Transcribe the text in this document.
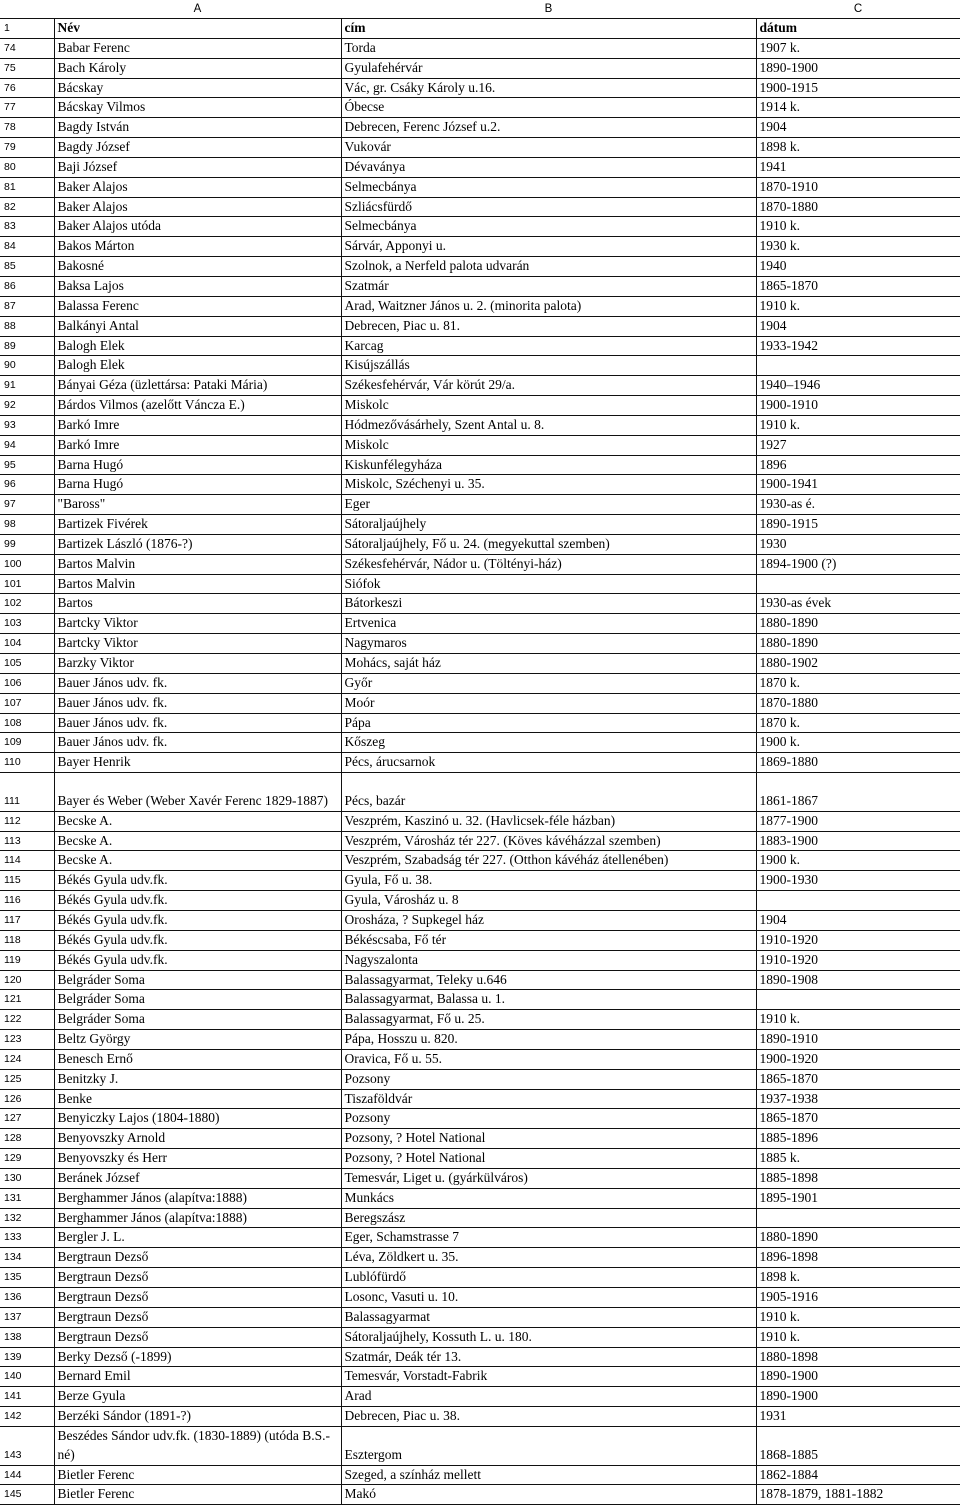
	A	B	C
1	Név	cím	dátum
74	Babar Ferenc	Torda	1907 k.
75	Bach Károly	Gyulafehérvár	1890-1900
76	Bácskay	Vác, gr. Csáky Károly u.16.	1900-1915
77	Bácskay Vilmos	Óbecse	1914 k.
78	Bagdy István	Debrecen, Ferenc József u.2.	1904
79	Bagdy József	Vukovár	1898 k.
80	Baji József	Dévaványa	1941
81	Baker Alajos	Selmecbánya	1870-1910
82	Baker Alajos	Szliácsfürdő	1870-1880
83	Baker Alajos utóda	Selmecbánya	1910 k.
84	Bakos Márton	Sárvár, Apponyi u.	1930 k.
85	Bakosné	Szolnok, a Nerfeld palota udvarán	1940
86	Baksa Lajos	Szatmár	1865-1870
87	Balassa Ferenc	Arad, Waitzner János u. 2. (minorita palota)	1910 k.
88	Balkányi Antal	Debrecen, Piac u. 81.	1904
89	Balogh Elek	Karcag	1933-1942
90	Balogh Elek	Kisújszállás	
91	Bányai Géza (üzlettársa: Pataki Mária)	Székesfehérvár, Vár körút 29/a.	1940–1946
92	Bárdos Vilmos (azelőtt Váncza E.)	Miskolc	1900-1910
93	Barkó Imre	Hódmezővásárhely, Szent Antal u. 8.	1910 k.
94	Barkó Imre	Miskolc	1927
95	Barna Hugó	Kiskunfélegyháza	1896
96	Barna Hugó	Miskolc, Széchenyi u. 35.	1900-1941
97	"Baross"	Eger	1930-as é.
98	Bartizek Fivérek	Sátoraljaújhely	1890-1915
99	Bartizek László (1876-?)	Sátoraljaújhely, Fő u. 24. (megyekuttal szemben)	1930
100	Bartos Malvin	Székesfehérvár, Nádor u. (Töltényi-ház)	1894-1900 (?)
101	Bartos Malvin	Siófok	
102	Bartos	Bátorkeszi	1930-as évek
103	Bartcky Viktor	Ertvenica	1880-1890
104	Bartcky Viktor	Nagymaros	1880-1890
105	Barzky Viktor	Mohács, saját ház	1880-1902
106	Bauer János udv. fk.	Győr	1870 k.
107	Bauer János udv. fk.	Moór	1870-1880
108	Bauer János udv. fk.	Pápa	1870 k.
109	Bauer János udv. fk.	Kőszeg	1900 k.
110	Bayer Henrik	Pécs, árucsarnok	1869-1880
111	Bayer és Weber (Weber Xavér Ferenc 1829-1887)	Pécs, bazár	1861-1867
112	Becske A.	Veszprém, Kaszinó u. 32. (Havlicsek-féle házban)	1877-1900
113	Becske A.	Veszprém, Városház tér 227. (Köves kávéházzal szemben)	1883-1900
114	Becske A.	Veszprém, Szabadság tér 227. (Otthon kávéház átellenében)	1900 k.
115	Békés Gyula udv.fk.	Gyula, Fő u. 38.	1900-1930
116	Békés Gyula udv.fk.	Gyula, Városház u. 8	
117	Békés Gyula udv.fk.	Orosháza, ? Supkegel ház	1904
118	Békés Gyula udv.fk.	Békéscsaba, Fő tér	1910-1920
119	Békés Gyula udv.fk.	Nagyszalonta	1910-1920
120	Belgráder Soma	Balassagyarmat, Teleky u.646	1890-1908
121	Belgráder Soma	Balassagyarmat, Balassa u. 1.	
122	Belgráder Soma	Balassagyarmat, Fő u. 25.	1910 k.
123	Beltz György	Pápa, Hosszu u. 820.	1890-1910
124	Benesch Ernő	Oravica, Fő u. 55.	1900-1920
125	Benitzky J.	Pozsony	1865-1870
126	Benke	Tiszaföldvár	1937-1938
127	Benyiczky Lajos (1804-1880)	Pozsony	1865-1870
128	Benyovszky Arnold	Pozsony, ? Hotel National	1885-1896
129	Benyovszky és Herr	Pozsony, ? Hotel National	1885 k.
130	Beránek József	Temesvár, Liget u. (gyárkülváros)	1885-1898
131	Berghammer János (alapítva:1888)	Munkács	1895-1901
132	Berghammer János (alapítva:1888)	Beregszász	
133	Bergler J. L.	Eger, Schamstrasse 7	1880-1890
134	Bergtraun Dezső	Léva, Zöldkert u. 35.	1896-1898
135	Bergtraun Dezső	Lublófürdő	1898 k.
136	Bergtraun Dezső	Losonc, Vasuti u. 10.	1905-1916
137	Bergtraun Dezső	Balassagyarmat	1910 k.
138	Bergtraun Dezső	Sátoraljaújhely, Kossuth L. u. 180.	1910 k.
139	Berky Dezső (-1899)	Szatmár, Deák tér 13.	1880-1898
140	Bernard Emil	Temesvár, Vorstadt-Fabrik	1890-1900
141	Berze Gyula	Arad	1890-1900
142	Berzéki Sándor (1891-?)	Debrecen, Piac u. 38.	1931
143	Beszédes Sándor udv.fk. (1830-1889) (utóda B.S.-né)	Esztergom	1868-1885
144	Bietler Ferenc	Szeged, a színház mellett	1862-1884
145	Bietler Ferenc	Makó	1878-1879, 1881-1882
